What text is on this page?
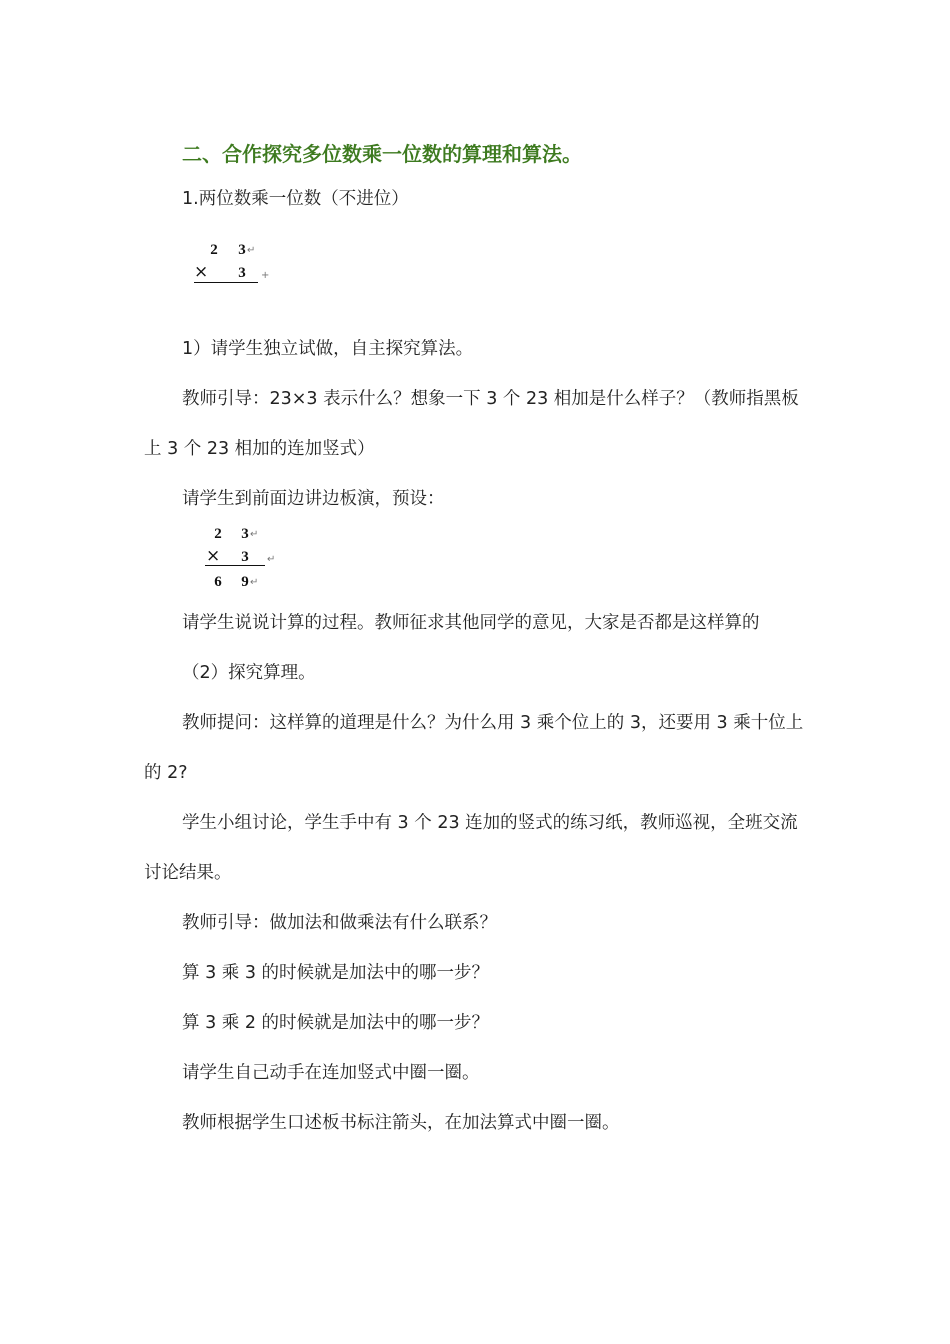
二、合作探究多位数乘一位数的算理和算法。
1.两位数乘一位数（不进位）
2 3 ↵
× 3	+
1）请学生独立试做，自主探究算法。
教师引导：23×3 表示什么？想象一下 3 个 23 相加是什么样子？（教师指黑板上 3 个 23 相加的连加竖式）
请学生到前面边讲边板演，预设：
2 3 ↵
× 3	↵
6 9 ↵
请学生说说计算的过程。教师征求其他同学的意见，大家是否都是这样算的
（2）探究算理。
教师提问：这样算的道理是什么？为什么用 3 乘个位上的 3，还要用 3 乘十位上的 2?
学生小组讨论，学生手中有 3 个 23 连加的竖式的练习纸，教师巡视，全班交流讨论结果。
教师引导：做加法和做乘法有什么联系？
算 3 乘 3 的时候就是加法中的哪一步？
算 3 乘 2 的时候就是加法中的哪一步？
请学生自己动手在连加竖式中圈一圈。
教师根据学生口述板书标注箭头，在加法算式中圈一圈。
